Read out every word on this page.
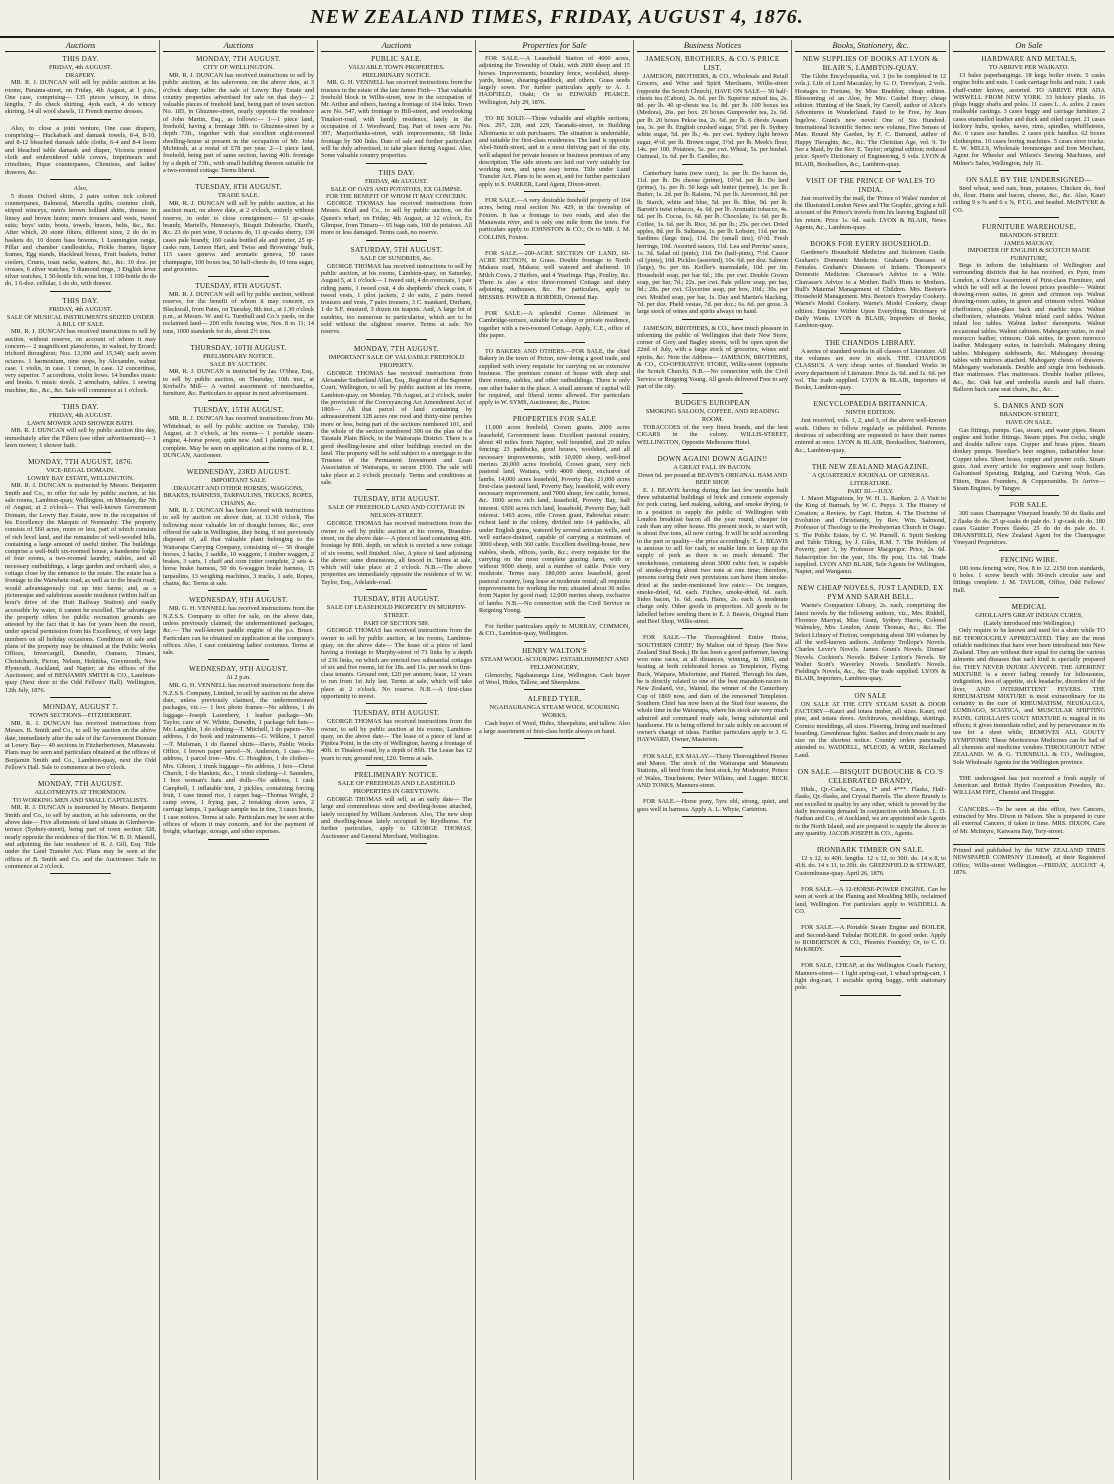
NEW ZEALAND TIMES, FRIDAY, AUGUST 4, 1876.
Auctions
THIS DAY.
FRIDAY, 4th AUGUST.
DRAPERY.
MR. R. J. DUNCAN will sell by public auction at his rooms, Panama-street, on Friday, 4th August, at 1 p.m., One case, comprising— 135 pieces wincey, in dress lengths, 7 do check shirting, 4yds each, 4 do wincey skirting, 14 all wool shawls, 11 French merino dresses.
Also, to close a joint venture, One case drapery, comprising— Huckaback and damask towels, 8-4, 8-10, and 8-12 bleached damask table cloths, 6-4 and 8-4 loom and bleached table damask and diaper, Victoria printed cloth and embroidered table covers, Imprimeurs and crinolines, Pique counterpanes, Chemises, and ladies' drawers, &c.
Also,
5 dozen Oxford shirts, 2 pairs cotton tick colored counterpanes, Balmoral, Marcella quilts, costume cloth, striped winceys, men's brown holland shirts, dresses in linsey and brown lustre; men's trousers and vests, tweed suits; boys' suits, boots, towels, braces, belts, &c., &c. After which, 20 stone filters, different sizes, 2 do do in baskets do, 10 dozen bass brooms, 1 Leamington range, Pillar and chamber candlesticks, Pickle frames, liquor frames, Egg stands, blacklead boxes, Fruit baskets, butter coolers, Cruets, toast racks, waiters, &c., &c. 10 doz. jet crosses, 6 silver watches, 5 diamond rings, 3 English lever silver watches, 1 50-bottle fch. wine bin, 1 100-bottle do do do, 1 6-doz. cellular, 1 do do, with drawer.
THIS DAY.
FRIDAY, 4th AUGUST.
SALE OF MUSICAL INSTRUMENTS SEIZED UNDER A BILL OF SALE.
MR. R. J. DUNCAN has received instructions to sell by auction, without reserve, on account of whom it may concern— 2 magnificent pianofortes, in walnut, by Errard; trichord throughout; Nos. 13,390 and 15,340; each seven octaves. 1 harmonium, nine stops, by Alexandre, walnut case. 1 violin, in case. 1 cornet, in case. 12 concertinas, very superior. 7 accordions, violin bows. 14 bundles music and books. 6 music stools. 2 armchairs, tables. 1 sewing machine, &c., &c., &c. Sale will commence at 1 o'clock.
THIS DAY.
FRIDAY, 4th AUGUST.
LAWN MOWER AND SHOWER BATH.
MR. R. J. DUNCAN will sell by public auction this day, immediately after the Filters (see other advertisement)— 1 lawn mower, 1 shower bath.
MONDAY, 7TH AUGUST, 1876.
VICE-REGAL DOMAIN.
LOWRY BAY ESTATE, WELLINGTON.
MR. R. J. DUNCAN is instructed by Messrs. Benjamin Smith and Co., to offer for sale by public auction, at his sale rooms, Lambton-quay, Wellington, on Monday, the 7th of August, at 2 o'clock— That well-known Government Domain, the Lowry Bay Estate, now in the occupation of his Excellency the Marquis of Normanby. The property consists of 560 acres, more or less, part of which consists of rich level land, and the remainder of well-wooded hills, containing a large amount of useful timber. The buildings comprise a well-built six-roomed house, a handsome lodge of four rooms, a two-roomed laundry, stables, and all necessary outbuildings, a large garden and orchard; also, a cottage close by the entrance to the estate. The estate has a frontage to the Waiwhetu road, as well as to the beach road; would advantageously cut up into farms; and, as a picturesque and salubrious seaside residence (within half an hour's drive of the Hutt Railway Station) and easily accessible by water, it cannot be excelled. The advantages the property offers for public recreation grounds are attested by the fact that it has for years been the resort, under special permission from his Excellency, of very large numbers on all holiday occasions. Conditions of sale and plans of the property may be obtained at the Public Works Offices, Invercargill, Dunedin, Oamaru, Timaru, Christchurch, Picton, Nelson, Hokitika, Greymouth, New Plymouth, Auckland, and Napier; at the offices of the Auctioneer, and of BENJAMIN SMITH & CO., Lambton-quay (Next door to the Odd Fellows' Hall). Wellington, 12th July, 1876.
MONDAY, AUGUST 7.
TOWN SECTIONS—FITZHERBERT.
MR. R. J. DUNCAN has received instructions from Messrs. B. Smith and Co., to sell by auction on the above date, immediately after the sale of the Government Domain at Lowry Bay— 49 sections in Fitzherbertown, Manawatu. Plans may be seen and particulars obtained at the offices of Benjamin Smith and Co., Lambton-quay, next the Odd Fellow's Hall. Sale to commence at two o'clock.
MONDAY, 7TH AUGUST.
ALLOTMENTS AT THORNDON.
TO WORKING MEN AND SMALL CAPITALISTS.
MR. R. J. DUNCAN is instructed by Messrs. Benjamin Smith and Co., to sell by auction, at his salerooms, on the above date— Five allotments of land situate in Glenbervie-terrace (Sydney-street), being part of town section 328, nearly opposite the residence of the Hon. W. B. D. Mantell, and adjoining the late residence of R. J. Gill, Esq. Title under the Land Transfer Act. Plans may be seen at the offices of B. Smith and Co. and the Auctioneer. Sale to commence at 2 o'clock.
Auctions
MONDAY, 7TH AUGUST.
CITY OF WELLINGTON.
MR. R. J. DUNCAN has received instructions to sell by public auction, at his salerooms, on the above date, at 3 o'clock sharp (after the sale of Lowry Bay Estate and country properties advertised for sale on that day)— 2 valuable pieces of freehold land, being part of town section No. 185, in Ghuznee-street, nearly opposite the residence of John Martin, Esq., as follows:— 1—1 piece land, freehold, having a frontage 38ft. to Ghuznee-street by a depth 73ft., together with that excellent eight-roomed dwelling-house at present in the occupation of Mr. John McIntosh, at a rental of £78 per year. 2—1 piece land, freehold, being part of same section, having 40ft. frontage by a depth of 73ft., with small building thereon suitable for a two-roomed cottage. Terms liberal.
TUESDAY, 8TH AUGUST.
TRADE SALE.
MR. R. J. DUNCAN will sell by public auction, at his auction mart, on above date, at 2 o'clock, entirely without reserve, in order to close consignment— 51 qr-casks brandy, Martell's, Hennessy's, Bisquit Dubouche, Otard's, &c. 23 do port wine, 9 octaves do, 11 qr-casks sherry, 130 cases pale brandy, 160 casks bottled ale and porter, 25 qr-casks rum, Lemon Hart, and Twiss and Brownings' bulk, 115 cases geneva and aromatic geneva, 50 cases champagne, 100 boxes tea, 50 half-chests do, 10 tons sugar, and groceries.
TUESDAY, 8TH AUGUST.
MR. R. J. DUNCAN will sell by public auction, without reserve, for the benefit of whom it may concern, ex Blackwall, from Pates, on Tuesday, 8th inst., at 1.30 o'clock p.m., at Messrs. W. and G. Turnbull and Co.'s yards, on the reclaimed land— 200 rolls fencing wire, Nos. 8 to 11; 14 tons, 1000 standards for do, about 2½ tons.
THURSDAY, 10TH AUGUST.
PRELIMINARY NOTICE.
SALE BY AUCTION.
MR. R. J. DUNCAN is instructed by Jas. O'Shea, Esq., to sell by public auction, on Thursday, 10th inst., at Korbell's Mill— A varied assortment of merchandise, furniture, &c. Particulars to appear in next advertisement.
TUESDAY, 15TH AUGUST.
MR. R. J. DUNCAN has received instructions from Mr. Whitehead, to sell by public auction on Tuesday, 15th August, at 3 o'clock, at his rooms— 1 portable steam-engine, 4-horse power, quite new. And 1 planing machine, complete. May be seen on application at the rooms of R. J. DUNCAN, Auctioneer.
WEDNESDAY, 23RD AUGUST.
IMPORTANT SALE
DRAUGHT AND OTHER HORSES, WAGGONS, BRAKES, HARNESS, TARPAULINS, TRUCKS, ROPES, CHAINS, &c.
MR. R. J. DUNCAN has been favored with instructions to sell by auction on above date, at 11.30 o'clock, The following most valuable lot of draught horses, &c., ever offered for sale in Wellington, they being, if not previously disposed of, all that valuable plant belonging to the Wairarapa Carrying Company, consisting of— 56 draught horses, 2 hacks, 1 saddle, 10 waggons, 1 timber waggon, 2 brakes, 3 carts, 1 chaff and corn cutter complete, 2 sets 4-horse brake harness, 50 do 6-waggon brake harness, 15 tarpaulins, 13 weighing machines, 3 trucks, 1 safe, Ropes, chains, &c. Terms at sale.
WEDNESDAY, 9TH AUGUST.
MR. G. H. VENNELL has received instructions from the N.Z.S.S. Company to offer for sale, on the above date, unless previously claimed, the undermentioned packages, &c.— The well-known paddle engine of the p.s. Bruce. Particulars can be obtained on application at the company's offices. Also, 1 case containing ladies' costumes. Terms at sale.
WEDNESDAY, 9TH AUGUST.
At 2 p.m.
MR. G. H. VENNELL has received instructions from the N.Z.S.S. Company, Limited, to sell by auction on the above date, unless previously claimed, the undermentioned packages, viz.:— 1 box photo frames—No address, 1 do luggage—Joseph Lazenbery, 1 leather package—Mr. Taylor, care of W. Whitte, Dunedin, 1 package felt hats—Mr. Laughlin, 1 do clothing—T. Mitchell, 1 do papers—No address, 1 do book and instruments—G. Wilkins, 1 parcel—T. Mulsman, 1 do flannel shirts—Davis, Public Works Office, 1 brown paper parcel—N. Anderson, 1 case—No address, 1 parcel iron—Mrs. C. Houghton, 1 do clothes—Mrs. Gibson, 1 trunk luggage—No address, 1 box—Christ Church, 1 do blankets, &c., 1 trunk clothing—J. Saunders, 1 box woman's hats and dolls—No address, 1 cask Campbell, 1 inflatable tent, 2 pickles, containing forcing fruit, 1 case tinned rice, 1 carpet bag—Thomas Wright, 2 camp ovens, 1 frying pan, 2 breaking down saws, 2 carriage lamps, 1 package sample tea in tins, 3 cases boots, 1 case notices. Terms at sale. Particulars may be seen at the offices of whom it may concern, and for the payment of freight, wharfage, storage, and other expenses.
Auctions
PUBLIC SALE.
VALUABLE TOWN PROPERTIES.
PRELIMINARY NOTICE.
MR. G. H. VENNELL has received instructions from the trustees in the estate of the late James Firth— That valuable freehold block in Willis-street, now in the occupation of Mr. Arthur and others, having a frontage of 164 links. Town acre No. 547, with frontage to Hill-street, and overlooking Tinakori-road, with family residence, lately in the occupation of J. Woodward, Esq. Part of town acre No. 397, Marjoribanks-street, with improvements; 68 links frontage by 500 links. Date of sale and further particulars will be duly advertised, to take place during August. Also, Some valuable country properties.
THIS DAY.
FRIDAY, 4th AUGUST.
SALE OF OATS AND POTATOES, EX GLIMPSE.
FOR THE BENEFIT OF WHOM IT MAY CONCERN.
GEORGE THOMAS has received instructions from Messrs. Krull and Co., to sell by public auction, on the Queen's wharf, on Friday, 4th August, at 12 o'clock, Ex Glimpse, from Timaru— 65 bags oats, 160 do potatoes. All more or less damaged. Terms cash, no reserve.
SATURDAY, 5TH AUGUST.
SALE OF SUNDRIES, &c.
GEORGE THOMAS has received instructions to sell by public auction, at his rooms, Lambton-quay, on Saturday, August 5, at 1 o'clock— 1 tweed suit, 4 do overcoats, 1 pair riding pants, 1 tweed coat, 4 do shepherds' check coats, 6 tweed vests, 1 pilot jackets, 2 do suits, 2 pairs tweed trousers and vests, 7 pairs trousers, 3 C. mankard, Durham, 1 do S.F. mustard, 3 dozen tin teapots. And, A large lot of sundries, too numerous to particularise, which are to be sold without the slightest reserve. Terms at sale. No reserve.
MONDAY, 7TH AUGUST.
IMPORTANT SALE OF VALUABLE FREEHOLD PROPERTY.
GEORGE THOMAS has received instructions from Alexander Sutherland Allan, Esq., Registrar of the Supreme Court, Wellington, to sell by public auction at his rooms, Lambton-quay, on Monday, 7th August, at 2 o'clock, under the provisions of the Conveyancing Act Amendment Act of 1869— All that parcel of land containing by admeasurement 128 acres one rood and thirty-nine perches more or less, being part of the sections numbered 101, and the whole of the section numbered 306 on the plan of the Taratahi Plain Block, in the Wairarapa District. There is a good dwelling-house and other buildings erected on the land. The property will be sold subject to a mortgage to the Trustees of the Permanent Investment and Loan Association of Wairarapa, to secure £930. The sale will take place at 2 o'clock precisely. Terms and conditions at sale.
TUESDAY, 8TH AUGUST.
SALE OF FREEHOLD LAND AND COTTAGE IN NELSON-STREET.
GEORGE THOMAS has received instructions from the owner to sell by public auction at his rooms, Brandon-street, on the above date— A piece of land containing 40ft. frontage by 80ft. depth, on which is erected a new cottage of six rooms, well finished. Also, A piece of land adjoining the above; same dimensions, all fenced in. Terms at sale, which will take place at 2 o'clock. N.B.—The above properties are immediately opposite the residence of W. W. Taylor, Esq., Adelaide-road.
TUESDAY, 8TH AUGUST.
SALE OF LEASEHOLD PROPERTY IN MURPHY-STREET.
PART OF SECTION 589.
GEORGE THOMAS has received instructions from the owner to sell by public auction, at his rooms, Lambton-quay, on the above date— The lease of a piece of land having a frontage to Murphy-street of 71 links by a depth of 236 links, on which are erected two substantial cottages of six and five rooms, let for 18s. and 11s. per week to first-class tenants. Ground rent, £20 per annum; lease, 12 years to run from 1st July last. Terms at sale, which will take place at 2 o'clock. No reserve. N.B.—A first-class opportunity to invest.
TUESDAY, 8TH AUGUST.
GEORGE THOMAS has received instructions from the owner, to sell by public auction at his rooms, Lambton-quay, on the above date— The lease of a piece of land at Pipitea Point, in the city of Wellington, having a frontage of 40ft. to Tinakori-road, by a depth of 86ft. The Lease has 12 years to run; ground rent, £20. Terms at sale.
PRELIMINARY NOTICE.
SALE OF FREEHOLD AND LEASEHOLD PROPERTIES IN GREYTOWN.
GEORGE THOMAS will sell, at an early date— The large and commodious store and dwelling-house attached, lately occupied by William Anderson. Also, The new shop and dwelling-house lately occupied by Reydborne. For further particulars, apply to GEORGE THOMAS, Auctioneer and General Merchant, Wellington.
Properties for Sale
FOR SALE.—A Leasehold Station of 4000 acres, adjoining the Township of Otaki, with 2600 sheep and 15 horses. Improvements, boundary fence, woolshed, sheep-yards, house, shearing-paddock, and others. Grass seeds largely sown. For further particulars apply to A. J. HADFIELD, Otaki; Or to EDWARD PEARCE. Wellington, July 29, 1876.
TO BE SOLD.—Those valuable and eligible sections, Nos. 297, 228, and 229, Taranaki-street, in Building Allotments to suit purchasers. The situation is undeniable, and suitable for first-class residences. The land is opposite Abel-Smith-street, and in a most thriving part of the city, well adapted for private houses or business premises of any description. The side streets are laid out very suitably for working men, and upon easy terms. Title under Land Transfer Act. Plans to be seen at, and for further particulars apply to S. PARKER, Land Agent, Dixon-street.
FOR SALE.—A very desirable freehold property of 164 acres, being rural section No. 429, in the township of Foxton. It has a frontage to two roads, and also the Manawatu river, and is only one mile from the town. For particulars apply to JOHNSTON & CO.; Or to MR. J. M. COLLINS, Foxton.
FOR SALE.—200-ACRE SECTION OF LAND, 60-ACRE SECTION, in Grass. Double frontage to North Makara road, Makara; well watered and sheltered. 10 Milch Cows, 2 Heifers, and 4 Yearlings. Pigs, Poultry, &c. There is also a nice three-roomed Cottage and dairy adjoining, outhouses, &c. For particulars, apply to MESSRS. POWER & BORDER, Oriental Bay.
FOR SALE.—A splendid Corner Allotment in Cambridge-terrace, suitable for a shop or private residence, together with a two-roomed Cottage. Apply, C.E., office of this paper.
TO BAKERS AND OTHERS.—FOR SALE, the chief Bakery in the town of Picton, now doing a good trade, and supplied with every requisite for carrying on an extensive business. The premises consist of house with shop and three rooms, stables, and other outbuildings. There is only one other baker in the place. A small amount of capital will be required, and liberal terms allowed. For particulars apply to W. SYMS, Auctioneer, &c., Picton.
PROPERTIES FOR SALE
11,000 acres freehold, Crown grants. 2000 acres leasehold, Government lease. Excellent pastoral country, about 40 miles from Napier, well bounded, and 20 miles fencing; 23 paddocks, good houses, woolshed, and all necessary improvements, with 10,000 sheep, well-bred merino. 20,000 acres freehold, Crown grant, very rich pastoral land, Waitara, with 4000 sheep, exclusive of lambs. 14,000 acres leasehold, Poverty Bay. 21,000 acres first-class pastoral land, Poverty Bay, leasehold, with every necessary improvement, and 7000 sheep, few cattle, horses, &c. 1600 acres rich land, leasehold, Poverty Bay, half interest. 6500 acres rich land, leasehold, Poverty Bay, half interest. 1463 acres, rifle Crown grant, Pahowhai estate; richest land in the colony, divided into 14 paddocks, all under English grass, watered by several artesian wells, and well surface-drained, capable of carrying a minimum of 3000 sheep, with 360 cattle. Excellent dwelling-house, new stables, sheds, offices, yards, &c.; every requisite for the carrying on the most complete grazing farm, with or without 9000 sheep, and a number of cattle. Price very moderate. Terms easy. 180,000 acres leasehold, good pastoral country, long lease at moderate rental; all requisite improvements for working the run; situated about 30 miles from Napier by good road; 12,000 merino sheep, exclusive of lambs. N.B.—No connection with the Civil Service or Reigning Young.
For further particulars apply to MURRAY, COMMON, & CO., Lambton-quay, Wellington.
HENRY WALTON'S
STEAM WOOL-SCOURING ESTABLISHMENT AND FELLMONGERY,
Glenorchy, Ngahauranga Line, Wellington. Cash buyer of Wool, Hides, Tallow, and Sheepskins.
ALFRED TYER,
NGAHAURANGA STEAM WOOL SCOURING WORKS.
Cash buyer of Wool, Hides, Sheepskins, and tallow. Also a large assortment of first-class bottle always on hand.
Business Notices
JAMESON, BROTHERS, & CO.'S PRICE LIST.
JAMESON, BROTHERS, & CO., Wholesale and Retail Grocers, and Wine and Spirit Merchants, Willis-street (opposite the Scotch Church), HAVE ON SALE— 50 half-chests tea (Cabon), 2s. 6d. per lb. Superior mixed tea, 2s. 8d. per lb. 40 qr-chests tea 1s. 8d. per lb. 100 boxes tea (Medora), 26s. per box. 20 boxes Gunpowder tea, 2s. 6d. per lb. 20 boxes Pekoe tea, 2s. 6d. per lb. 6 chests Assam tea, 3s. per lb. English crushed sugar, 5½d. per lb. Sydney white sugar, 5d. per lb.; 4s. per cwt. Sydney light brown sugar, 4½d. per lb. Brown sugar, 3½d. per lb. Meek's flour, 14s. per 100. Potatoes, 5s. per cwt. Wheat, 5s. per bushel. Oatmeal, 1s. 6d. per lb. Candles, &c.
Canterbury hams (new cure), 1s. per lb. Do bacon do, 11d. per lb. Do cheese (prime), 10½d. per lb. Do lard (prime), 1s. per lb. 50 kegs salt butter (prime), 1s. per lb. Butter, 1s. 2d. per lb. Raisins, 7d. per lb. Arrowroot, 8d. per lb. Starch, white and blue, 5d. per lb. Blue, 9d. per lb. Barrett's twist tobacco, 4s. 6d. per lb. Aromatic tobacco, 4s. 6d. per lb. Cocoa, 1s. 6d. per lb. Chocolate, 1s. 6d. per lb. Coffee, 1s. 6d. per lb. Rice, 3d. per lb.; 25s. per cwt. Dried apples, 8d. per lb. Sultanas, 1s. per lb. Lobster, 11d. per tin. Sardines (large tins), 11d. Do (small tins), 6½d. Fresh herrings, 10d. Assorted sauces, 11d. Lea and Perrins' sauce, 1s. 3d. Salad oil (pints), 11d. Do (half-pints), 7½d. Castor oil (pints), 10d. Pickles (assorted), 10s. 6d. per doz. Salmon (large), 9s. per tin. Keiller's marmalade, 10d. per tin. Household soap, per bar 6d.; 18s. per cwt. Double Crown soap, per bar, 7d.; 22s. per cwt. Pale yellow soap, per bar, 9d.; 28s. per cwt. Glycerine soap, per box, 10d.; 30s. per cwt. Mottled soap, per bar, 1s. Day and Martin's blacking, 7d. per doz. Pheld vestas, 7d. per doz.; 6s. 6d. per gross. A large stock of wines and spirits always on hand.
JAMESON, BROTHERS, & CO., have much pleasure in informing the public of Wellington that their New Store, corner of Grey and Bagley streets, will be open upon the 22nd of July, with a large stock of groceries, wines and spirits, &c. Note the Address— JAMESON, BROTHERS, & CO., CO-OPERATIVE STORE, Willis-street (opposite the Scotch Church). N.B.—No connection with the Civil Service or Reigning Young. All goods delivered Free to any part of the city.
BUDGE'S EUROPEAN
SMOKING SALOON, COFFEE, AND READING ROOM.
TOBACCOES of the very finest brands, and the best CIGARS in the colony. WILLIS-STREET, WELLINGTON, Opposite Melbourne Hotel.
DOWN AGAIN! DOWN AGAIN!!
A GREAT FALL IN BACON.
Down 6d. per pound at BEAVIS'S ORIGINAL HAM AND BEEF SHOP.
E. J. BEAVIS having during the last few months built three substantial buildings of brick and concrete expressly for pork curing, lard making, salting, and smoke drying, is in a position to supply the public of Wellington with London breakfast bacon all the year round, cheaper for cash than any other house. His present stock, to start with, is about five tons, all now curing. It will be sold according to the part or quality—the price accordingly. E. J. BEAVIS is anxious to sell for cash, to enable him to keep up the supply of pork as there is so much demand. The smokehouse, containing about 3000 cubic feet, is capable of smoke-drying about two tons at one time; therefore, persons curing their own provisions can have them smoke-dried at the under-mentioned low rates:— Ox tongues, smoke-dried, 6d. each. Fitches, smoke-dried, 6d. each. Sides bacon, 1s. 6d. each. Hams, 2s. each. A moderate charge only. Other goods in proportion. All goods to be labelled before sending them to E. J. Beavis, Original Ham and Beef Shop, Willis-street.
FOR SALE.—The Thoroughbred Entire Horse, 'SOUTHERN CHIEF,' By Malton out of Spray. (See New Zealand Stud Book.) He has been a good performer, having won nine races, at all distances, winning, in 1863, and beating at both celebrated horses as Templeton, Flying Buck, Waipara, Misfortune, and Hatred. Through his dam, he is directly related to one of the best marathon-racers in New Zealand, viz., Wainul, the winner of the Canterbury Cup of 1869 now, and dam of the renowned Templeton. Southern Chief has now been at the Stud four seasons, the whole time in the Wairarapa, where his stock are very much admired and command ready sale, being substantial and handsome. He is being offered for sale solely on account of owner's change of ideas. Further particulars apply to J. G. HAYWARD, Owner, Masterton.
FOR SALE, EX MALAY.—Thirty Thoroughbred Horses and Mares. The stock of the Wairarapa and Manawatu Stations, all bred from the best stock, by Moderator, Prince of Wales, Touchstone, Peter Wilkins, and Lugger. BECK AND TONKS, Manners-street.
FOR SALE.—Horse pony, 5yrs old, strong, quiet, and goes well in harness. Apply A. L. Whyte, Carterton.
Books, Stationery, &c.
NEW SUPPLIES OF BOOKS AT LYON & BLAIR'S, LAMBTON-QUAY.
The Globe Encyclopaedia, vol. 1 (to be completed in 12 vols.). Life of Lord Macaulay, by G. O. Trevelyan, 2 vols. Hostages to Fortune, by Miss Braddon; cheap edition. Blossoming of an Aloe, by Mrs. Cashel Hoey; cheap edition. Hunting of the Snark, by Carroll, author of Alice's Adventures in Wonderland. Fated to be Free, by Jean Ingelow. Grant's new novel: One of Six Hundred. International Scientific Series: new volume, Five Senses of Man. Round My Garden, by F. C. Burnand, author of Happy Thoughts, &c., &c. The Christian Age, vol. 9. To See a Maid, by the Rev. E. Taylor; original edition; reduced price. Sport's Dictionary of Engineering, 5 vols. LYON & BLAIR, Booksellers, &c., Lambton-quay.
VISIT OF THE PRINCE OF WALES TO INDIA.
Just received by the mail, the 'Prince of Wales' number of the Illustrated London News and The Graphic, giving a full account of the Prince's travels from his leaving England till his return. Price 1s. 6d. each. LYON & BLAIR, News Agents, &c., Lambton-quay.
BOOKS FOR EVERY HOUSEHOLD.
Gardener's Household Medicine and Sickroom Guide. Graham's Domestic Medicine. Graham's Diseases of Females. Graham's Diseases of Infants. Thompson's Domestic Medicine. Chavasse's Advice to a Wife. Chavasse's Advice to a Mother. Bull's Hints to Mothers. Bull's Maternal Management of Children. Mrs. Beeton's Household Management. Mrs. Beeton's Everyday Cookery. Warne's Model Cookery. Warne's Model Cookery, cheap edition. Enquire Within Upon Everything. Dictionary of Daily Wants. LYON & BLAIR, Importers of Books, Lambton-quay.
THE CHANDOS LIBRARY.
A series of standard works in all classes of Literature. All the volumes are now in stock. THE CHANDOS CLASSICS. A very cheap series of Standard Works in every department of Literature. Price 2s. 6d. and 1s. 6d. per vol. The trade supplied. LYON & BLAIR, Importers of Books, Lambton-quay.
ENCYCLOPAEDIA BRITANNICA.
NINTH EDITION.
Just received, vols. 1, 2, and 3, of the above well-known work. Others to follow regularly as published. Persons desirous of subscribing are requested to have their names entered at once. LYON & BLAIR, Booksellers, Stationers, &c., Lambton-quay.
THE NEW ZEALAND MAGAZINE.
A QUARTERLY JOURNAL OF GENERAL LITERATURE.
PART III.—JULY.
1. Maori Migrations, by W. H. L. Ranken. 2. A Visit to the King of Burmah, by W. C. Pepys. 3. The History of Creation; a Review, by Capt. Hutton. 4. The Doctrine of Evolution and Christianity, by Rev. Wm. Salmond, Professor of Theology to the Presbyterian Church in Otago. 5. The Public Estate, by C. W. Purnell. 6. Spirit Seeking and Table Tilting, by J. Giles, R.M. 7. The Problem of Poverty, part 3, by Professor Macgregor. Price, 2s. 6d. Subscription for the year, 10s. By post, 11s. 6d. Trade supplied. LYON AND BLAIR, Sole Agents for Wellington, Napier, and Wanganui.
NEW CHEAP NOVELS, JUST LANDED, EX PYM AND SARAH BELL.
Warne's Companion Library, 2s. each, comprising the latest novels by the following authors, viz., Mrs. Riddell, Florence Marryat, Miss Grant, Sydney Harris, Colonel Walmsley, Mrs. Loudon, Annie Thomas, &c., &c. The Select Library of Fiction, comprising about 300 volumes by all the well-known authors. Anthony Trollope's Novels. Charles Lever's Novels. James Grant's Novels. Dumas' Novels. Cockton's Novels. Bulwer Lytton's Novels. Sir Walter Scott's Waverley Novels. Smollett's Novels. Fielding's Novels, &c., &c. The trade supplied. LYON & BLAIR, Importers, Lambton-quay.
ON SALE
ON SALE AT THE CITY STEAM SASH & DOOR FACTORY—Kauri and totara timber, all sizes. Kauri, red pine, and totara doors. Architraves, mouldings, skirtings. Cornice mouldings, all sizes. Flooring, lining and machined boarding. Greenhouse lights. Sashes and doors made to any size on the shortest notice. Country orders punctually attended to. WADDELL, M'LEOD, & WEIR, Reclaimed Land.
ON SALE.—BISQUIT DUBOUCHE & CO.'S CELEBRATED BRANDY,
Hhds., Qr.-Casks, Cases, 1* and 4***. Flasks, Half-flasks, Qr.-flasks, and Crystal Barrels. The above Brandy is not excelled in quality by any other, which is proved by the daily increasing demand. In conjunction with Messrs. L. D. Nathan and Co., of Auckland, we are appointed sole Agents in the North Island, and are prepared to supply the above in any quantity. JACOB JOSEPH & CO., Agents.
IRONBARK TIMBER ON SALE.
12 x 12, to 40ft. lengths. 12 x 12, to 30ft. do. 14 x 8, to 41ft. do. 14 x 11, to 20ft. do. GREENFIELD & STEWART, Customhouse-quay. April 26, 1876.
FOR SALE.—A 12-HORSE-POWER ENGINE. Can be seen at work at the Planing and Moulding Mills, reclaimed land, Wellington. For particulars apply to WADDELL & CO.
FOR SALE.—A Portable Steam Engine and BOILER, and Second-hand Tubular BOILER. In good order. Apply to ROBERTSON & CO., Phoenix Foundry; Or, to C. O. McKIRDY.
FOR SALE, CHEAP, at the Wellington Coach Factory, Manners-street— 1 light spring-cart, 1 whaul spring-cart, 1 light dog-cart, 1 sociable spring buggy, with stationary pole.
On Sale
HARDWARE AND METALS,
TO ARRIVE PER WAIKATO.
13 bales paperhangings. 18 kegs boiler rivets. 5 casks engine bolts and nuts. 1 cask carriage bolts and nuts. 1 cask chaff-cutter knives, assorted. TO ARRIVE PER ADA WISWELL FROM NEW YORK. 33 hickory planks. 16 plugs buggy shafts and poles. 11 cases L. A. axles. 2 cases malleable castings. 3 cases buggy and carriage furniture. 2 cases enamelled leather and duck and oiled carpet. 21 cases hickory hubs, spokes, naves, rims, spindles, whiffletrees, &c. 6 cases axe handles. 2 cases pick handles. 62 boxes clothespins. 10 cases boring machines. 5 cases store trucks. E. W. MILLS, Wholesale Ironmonger and Iron Merchant, Agent for Wheeler and Wilson's Sewing Machines, and Milner's Safes, Wellington, July 31.
ON SALE BY THE UNDERSIGNED—
Seed wheat, seed oats, bran, potatoes. Chicken do, feed do, flour. Hams and bacon, cheese, &c., &c. Also, Kauri ceiling 9 x ⅝ and 6 x ⅝, P.T.G. and beaded. McINTYRE & CO.
FURNITURE WAREHOUSE,
BRANDON-STREET.
JAMES MACKAY,
IMPORTER OF ENGLISH & SCOTCH MADE FURNITURE,
Begs to inform the inhabitants of Wellington and surrounding districts that he has received, ex Pym, from London, a Choice Assortment of First-class Furniture, and which he will sell at the lowest prices possible— Walnut drawing-room suites, in green and crimson rep. Walnut drawing-room suites, in green and crimson velvet. Walnut cheffoniers, plate-glass back and marble tops. Walnut cheffoniers, whatnots. Walnut inlaid card tables. Walnut inlaid loo tables. Walnut ladies' davenports. Walnut occasional tables. Walnut cabinets. Mahogany suites, in real morocco leather, crimson. Oak suites, in green morocco leather. Mahogany suites, in haircloth. Mahogany dining tables. Mahogany sideboards, &c. Mahogany dressing-tables with mirrors attached. Mahogany chests of drawers. Mahogany washstands. Double and single iron bedsteads. Hair mattresses. Flax mattresses. Double feather pillows, &c., &c. Oak hat and umbrella stands and hall chairs. Balloon back cane seat chairs, &c., &c.
S. DANKS AND SON
BRANDON-STREET,
HAVE ON SALE.
Gas fittings, pumps. Gas, steam, and water pipes. Steam engine and boiler fittings. Steam pipes. Pot cocks, single and double tallow cups. Copper and brass pipes. Steam donkey pumps. Steedier's beer engines, indiarubber hose. Copper tubes. Sheet brass, copper and pewter coils. Steam guns. And every article for engineers and soap boilers. Galvanised Spouting, Ridging, and Curving Work. Gas Fitters, Brass Founders, & Coppersmiths. To Arrive—Steam Engines, by Tangye.
FOR SALE.
300 cases Champagne Vineyard brandy. 50 do flasks and 2 flasks do do. 25 qr-casks do pale do. 1 qr-cask do do. 180 cases Gautier Freres flasks. 25 do do do pale do. J. DRANSFIELD, New Zealand Agent for the Champagne Vineyard Proprietors.
FENCING WIRE.
100 tons fencing wire, Nos. 8 to 12. 2150 iron standards, 6 holes. 1 screw bench with 30-inch circular saw and fittings complete. J. M. TAYLOR, Office, Odd Fellows' Hall.
MEDICAL
GHOLLAH'S GREAT INDIAN CURES,
(Lately introduced into Wellington,)
Only require to be known and used for a short while TO BE THOROUGHLY APPRECIATED. They are the most reliable medicines that have ever been introduced into New Zealand. They are without their equal for curing the various ailments and diseases that each kind is specially prepared for. THEY NEVER INJURE ANYONE. THE APERIENT MIXTURE is a never failing remedy for biliousness, indigestion, loss of appetite, sick headache, disorders of the liver, AND INTERMITTENT FEVERS. THE RHEUMATISM MIXTURE is most extraordinary for its certainty in the cure of RHEUMATISM, NEURALGIA, LUMBAGO, SCIATICA, and MUSCULAR SHIFTING PAINS. GHOLLAH'S GOUT MIXTURE is magical in its effects; it gives immediate relief, and by perseverance in its use for a short while, REMOVES ALL GOUTY SYMPTOMS! These Meritorious Medicines can be had of all chemists and medicine vendors THROUGHOUT NEW ZEALAND. W. & G. TURNBULL & CO., Wellington, Sole Wholesale Agents for the Wellington province.
THE undersigned has just received a fresh supply of American and British Hydro Composition Powders, &c. WILLIAM FIFE, Chemist and Druggist.
CANCERS.—To be seen at this office, two Cancers, extracted by Mrs. Dixon in Nelson. She is prepared to cure all external Cancers, if taken in time. MRS. DIXON, Care of Mr. McIntyre, Kaiwarra Bay, Tory-street.
Printed and published by the NEW ZEALAND TIMES NEWSPAPER COMPANY (Limited), at their Registered Office, Willis-street Wellington.—FRIDAY, AUGUST 4, 1876.
